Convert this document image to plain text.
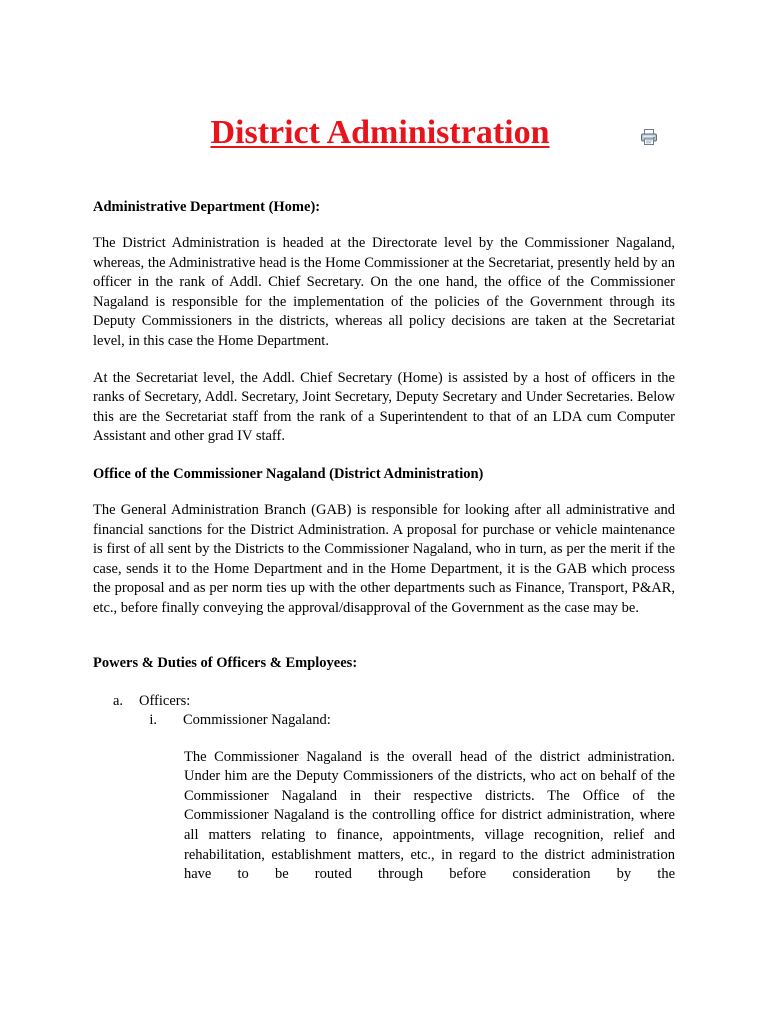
District Administration
Administrative Department (Home):

The District Administration is headed at the Directorate level by the Commissioner Nagaland, whereas, the Administrative head is the Home Commissioner at the Secretariat, presently held by an officer in the rank of Addl. Chief Secretary. On the one hand, the office of the Commissioner Nagaland is responsible for the implementation of the policies of the Government through its Deputy Commissioners in the districts, whereas all policy decisions are taken at the Secretariat level, in this case the Home Department.

At the Secretariat level, the Addl. Chief Secretary (Home) is assisted by a host of officers in the ranks of Secretary, Addl. Secretary, Joint Secretary, Deputy Secretary and Under Secretaries. Below this are the Secretariat staff from the rank of a Superintendent to that of an LDA cum Computer Assistant and other grad IV staff.

Office of the Commissioner Nagaland (District Administration)

The General Administration Branch (GAB) is responsible for looking after all administrative and financial sanctions for the District Administration. A proposal for purchase or vehicle maintenance is first of all sent by the Districts to the Commissioner Nagaland, who in turn, as per the merit if the case, sends it to the Home Department and in the Home Department, it is the GAB which process the proposal and as per norm ties up with the other departments such as Finance, Transport, P&AR, etc., before finally conveying the approval/disapproval of the Government as the case may be.

Powers & Duties of Officers & Employees:
a.	Officers:
i.	Commissioner Nagaland:

The Commissioner Nagaland is the overall head of the district administration. Under him are the Deputy Commissioners of the districts, who act on behalf of the Commissioner Nagaland in their respective districts. The Office of the Commissioner Nagaland is the controlling office for district administration, where all matters relating to finance, appointments, village recognition, relief and rehabilitation, establishment matters, etc., in regard to the district administration have to be routed through before consideration by the
